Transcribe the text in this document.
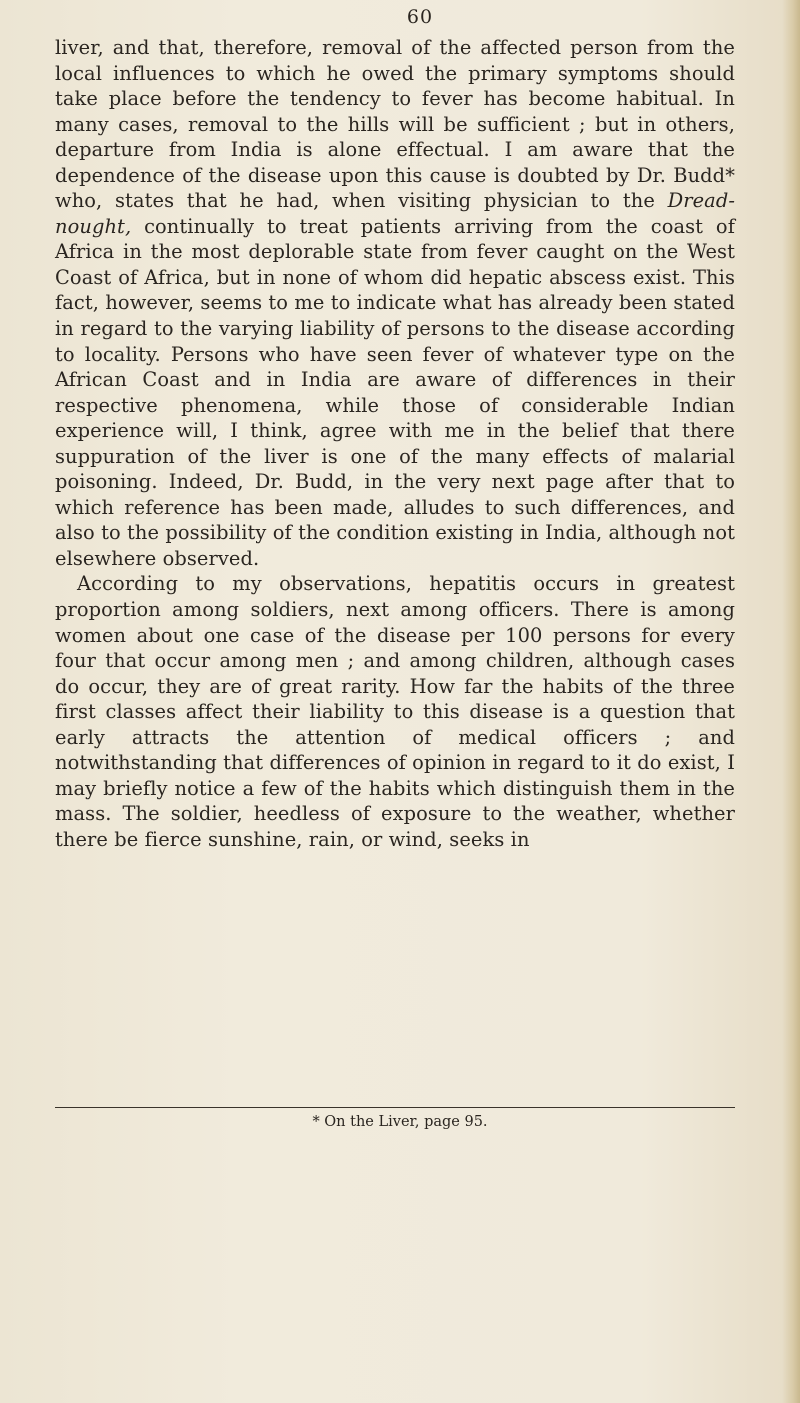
60

liver, and that, therefore, removal of the affected person from the local influences to which he owed the primary symptoms should take place before the tendency to fever has become habitual. In many cases, removal to the hills will be sufficient ; but in others, departure from India is alone effectual. I am aware that the dependence of the disease upon this cause is doubted by Dr. Budd* who, states that he had, when visiting physician to the Dread-nought, continually to treat patients arriving from the coast of Africa in the most deplorable state from fever caught on the West Coast of Africa, but in none of whom did hepatic abscess exist. This fact, however, seems to me to indicate what has already been stated in regard to the varying liability of persons to the disease according to locality. Persons who have seen fever of whatever type on the African Coast and in India are aware of differences in their respective phenomena, while those of considerable Indian experience will, I think, agree with me in the belief that there suppuration of the liver is one of the many effects of malarial poisoning. Indeed, Dr. Budd, in the very next page after that to which reference has been made, alludes to such differences, and also to the possibility of the condition existing in India, although not elsewhere observed.

According to my observations, hepatitis occurs in greatest proportion among soldiers, next among officers. There is among women about one case of the disease per 100 persons for every four that occur among men ; and among children, although cases do occur, they are of great rarity. How far the habits of the three first classes affect their liability to this disease is a question that early attracts the attention of medical officers ; and notwithstanding that differences of opinion in regard to it do exist, I may briefly notice a few of the habits which distinguish them in the mass. The soldier, heedless of exposure to the weather, whether there be fierce sunshine, rain, or wind, seeks in

* On the Liver, page 95.
